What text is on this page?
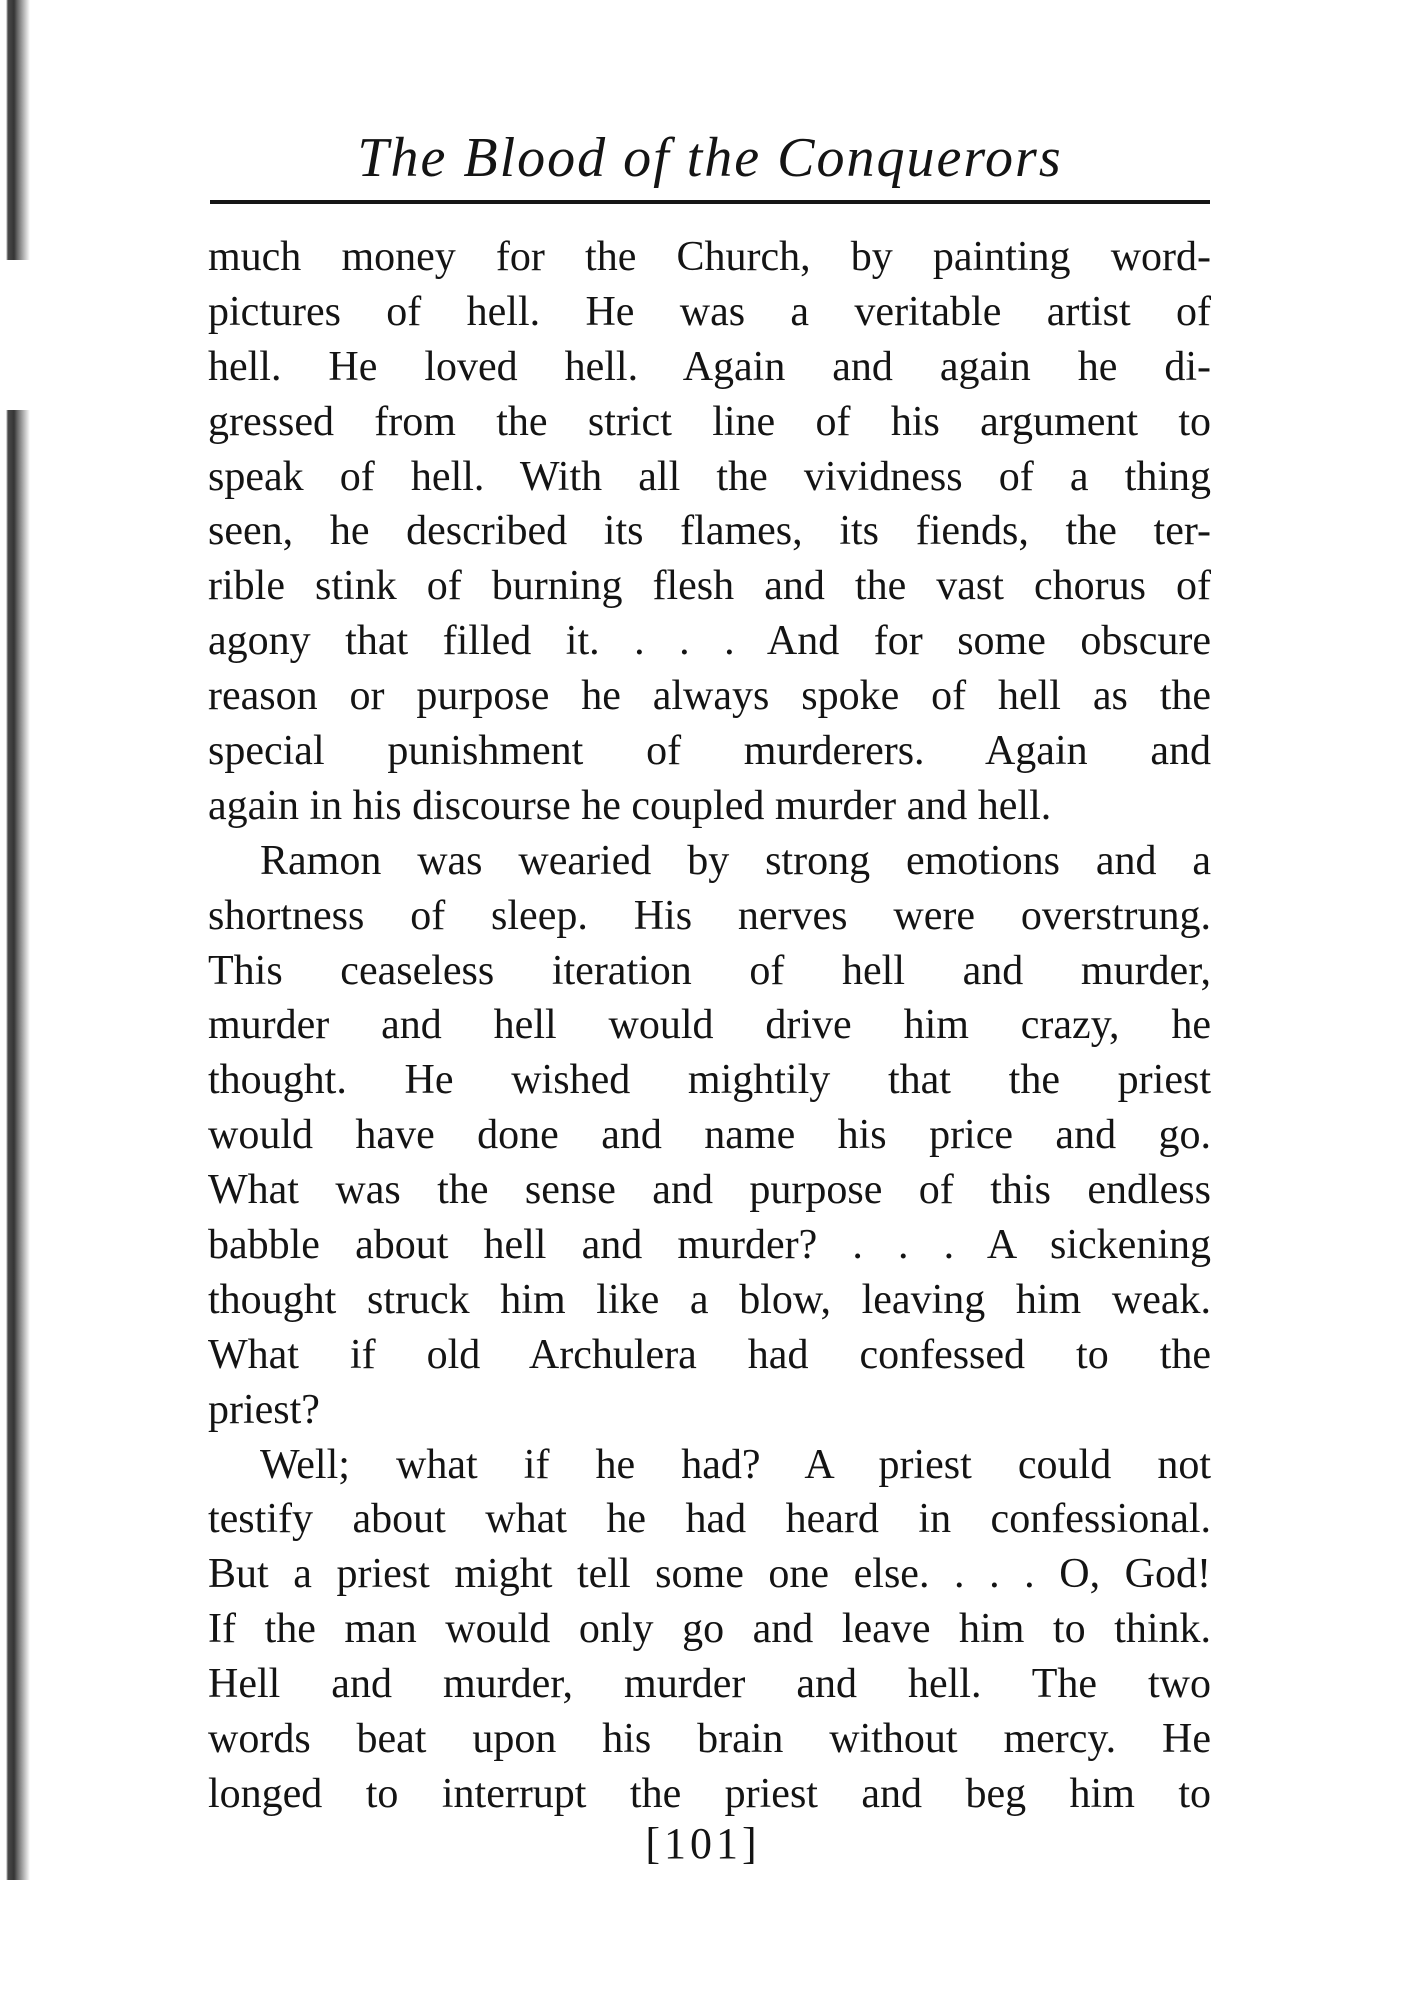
The Blood of the Conquerors
much money for the Church, by painting word-
pictures of hell. He was a veritable artist of
hell. He loved hell. Again and again he di-
gressed from the strict line of his argument to
speak of hell. With all the vividness of a thing
seen, he described its flames, its fiends, the ter-
rible stink of burning flesh and the vast chorus of
agony that filled it. . . . And for some obscure
reason or purpose he always spoke of hell as the
special punishment of murderers. Again and
again in his discourse he coupled murder and hell.
Ramon was wearied by strong emotions and a
shortness of sleep. His nerves were overstrung.
This ceaseless iteration of hell and murder,
murder and hell would drive him crazy, he
thought. He wished mightily that the priest
would have done and name his price and go.
What was the sense and purpose of this endless
babble about hell and murder? . . . A sickening
thought struck him like a blow, leaving him weak.
What if old Archulera had confessed to the
priest?
Well; what if he had? A priest could not
testify about what he had heard in confessional.
But a priest might tell some one else. . . . O, God!
If the man would only go and leave him to think.
Hell and murder, murder and hell. The two
words beat upon his brain without mercy. He
longed to interrupt the priest and beg him to
[101]
